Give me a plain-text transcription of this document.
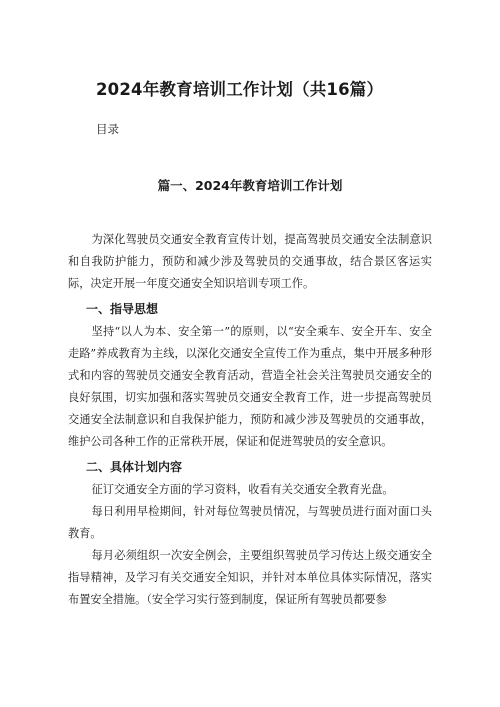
2024年教育培训工作计划（共16篇）
目录
篇一、2024年教育培训工作计划

为深化驾驶员交通安全教育宣传计划，提高驾驶员交通安全法制意识和自我防护能力，预防和减少涉及驾驶员的交通事故，结合景区客运实际，决定开展一年度交通安全知识培训专项工作。

一、指导思想

坚持“以人为本、安全第一”的原则，以“安全乘车、安全开车、安全走路”养成教育为主线，以深化交通安全宣传工作为重点，集中开展多种形式和内容的驾驶员交通安全教育活动，营造全社会关注驾驶员交通安全的良好氛围，切实加强和落实驾驶员交通安全教育工作，进一步提高驾驶员交通安全法制意识和自我保护能力，预防和减少涉及驾驶员的交通事故，维护公司各种工作的正常秩开展，保证和促进驾驶员的安全意识。

二、具体计划内容

征订交通安全方面的学习资料，收看有关交通安全教育光盘。

每日利用早检期间，针对每位驾驶员情况，与驾驶员进行面对面口头教育。

每月必须组织一次安全例会，主要组织驾驶员学习传达上级交通安全指导精神，及学习有关交通安全知识，并针对本单位具体实际情况，落实布置安全措施。（安全学习实行签到制度，保证所有驾驶员都要参
